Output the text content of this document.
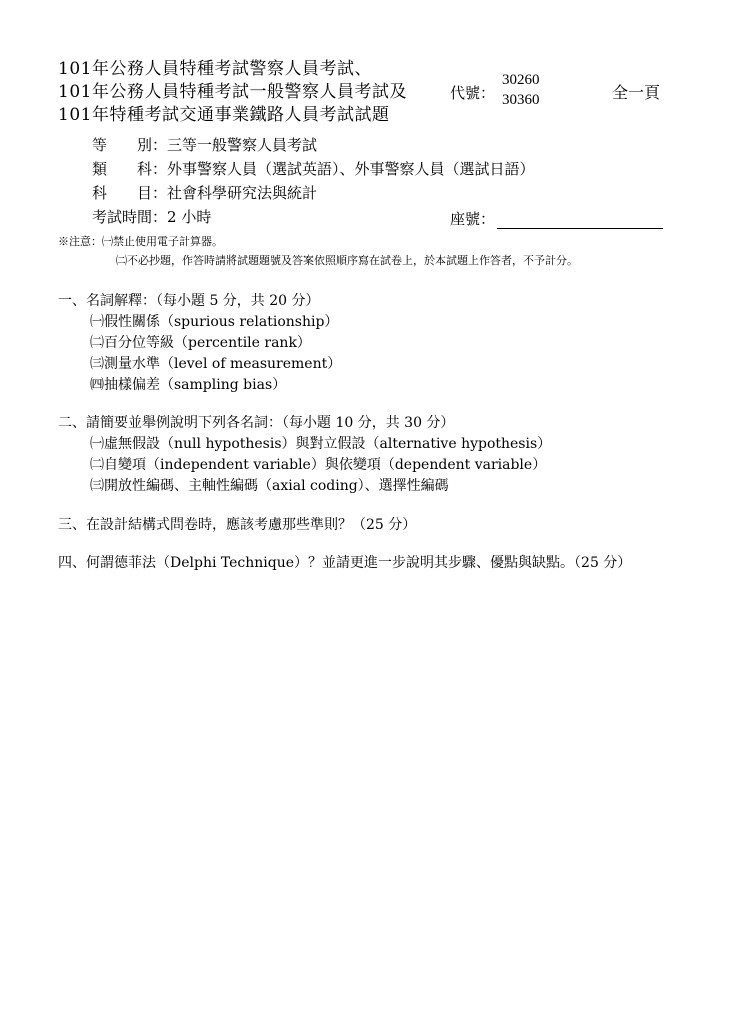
101年公務人員特種考試警察人員考試、
101年公務人員特種考試一般警察人員考試及
101年特種考試交通事業鐵路人員考試試題
代號：
30260
30360	全一頁
等　　別：三等一般警察人員考試
類　　科：外事警察人員（選試英語）、外事警察人員（選試日語）
科　　目：社會科學研究法與統計
考試時間：2 小時	座號：
※注意：㈠禁止使用電子計算器。
㈡不必抄題，作答時請將試題題號及答案依照順序寫在試卷上，於本試題上作答者，不予計分。
一、名詞解釋：（每小題 5 分，共 20 分）
㈠假性關係（spurious relationship）
㈡百分位等級（percentile rank）
㈢測量水準（level of measurement）
㈣抽樣偏差（sampling bias）
二、請簡要並舉例說明下列各名詞：（每小題 10 分，共 30 分）
㈠虛無假設（null hypothesis）與對立假設（alternative hypothesis）
㈡自變項（independent variable）與依變項（dependent variable）
㈢開放性編碼、主軸性編碼（axial coding）、選擇性編碼
三、在設計結構式問卷時，應該考慮那些準則？（25 分）
四、何謂德菲法（Delphi Technique）？並請更進一步說明其步驟、優點與缺點。（25 分）
